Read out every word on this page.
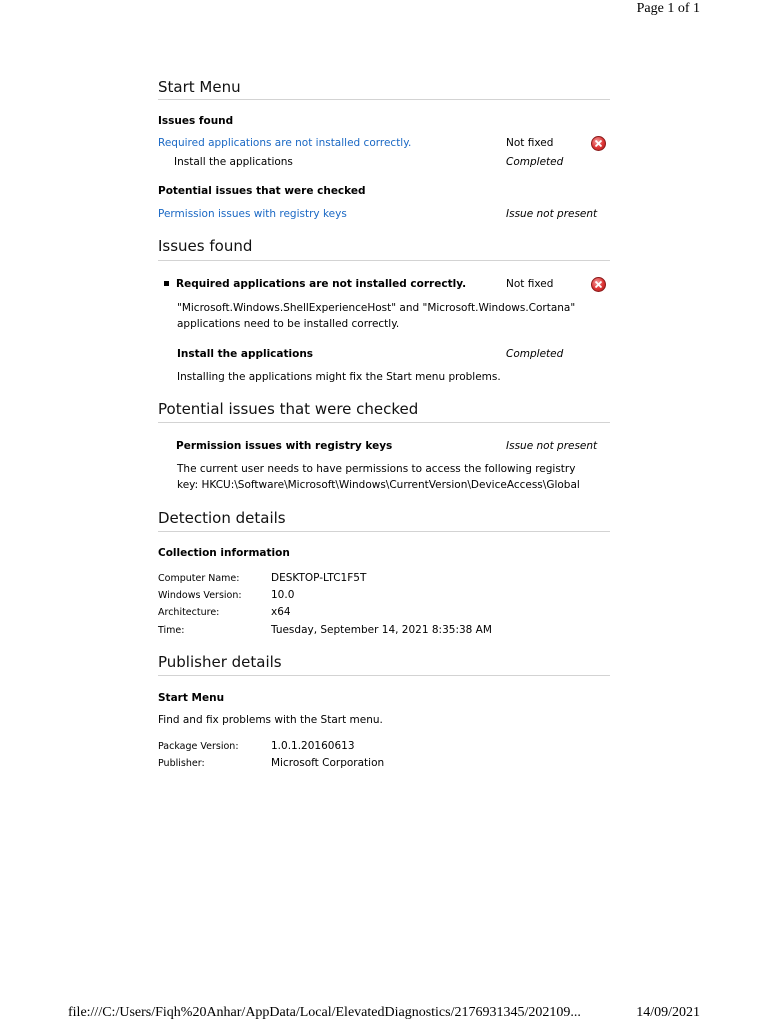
Page 1 of 1
Start Menu
Issues found
Required applications are not installed correctly.	Not fixed
Install the applications	Completed
Potential issues that were checked
Permission issues with registry keys	Issue not present
Issues found
Required applications are not installed correctly.	Not fixed
"Microsoft.Windows.ShellExperienceHost" and "Microsoft.Windows.Cortana"
applications need to be installed correctly.
Install the applications	Completed
Installing the applications might fix the Start menu problems.
Potential issues that were checked
Permission issues with registry keys	Issue not present
The current user needs to have permissions to access the following registry
key: HKCU:\Software\Microsoft\Windows\CurrentVersion\DeviceAccess\Global
Detection details
Collection information
Computer Name:	DESKTOP-LTC1F5T
Windows Version:	10.0
Architecture:	x64
Time:	Tuesday, September 14, 2021 8:35:38 AM
Publisher details
Start Menu
Find and fix problems with the Start menu.
Package Version:	1.0.1.20160613
Publisher:	Microsoft Corporation
file:///C:/Users/Fiqh%20Anhar/AppData/Local/ElevatedDiagnostics/2176931345/202109...	14/09/2021
